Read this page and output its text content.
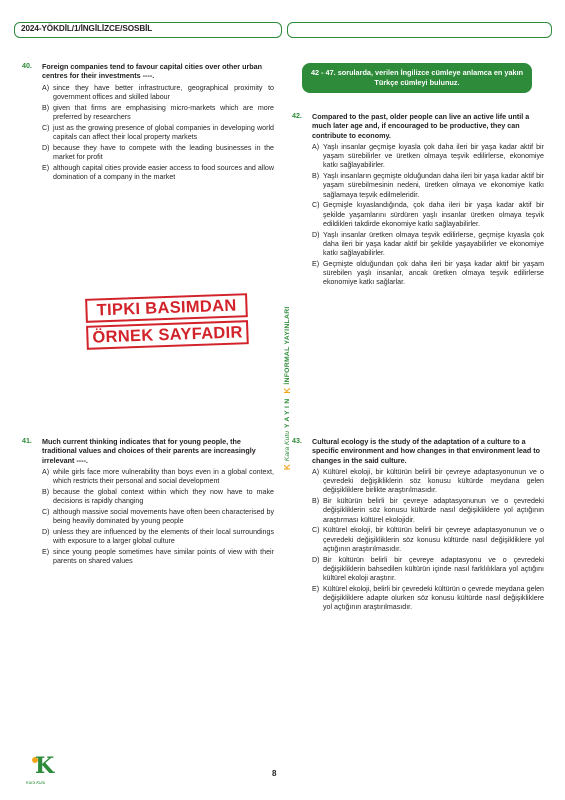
2024-YÖKDİL/1/İNGİLİZCE/SOSBİL
40. Foreign companies tend to favour capital cities over other urban centres for their investments ----.
A) since they have better infrastructure, geographical proximity to government offices and skilled labour
B) given that firms are emphasising micro-markets which are more preferred by researchers
C) just as the growing presence of global companies in developing world capitals can affect their local property markets
D) because they have to compete with the leading businesses in the market for profit
E) although capital cities provide easier access to food sources and allow domination of a company in the market
TIPKI BASIMDAN
ÖRNEK SAYFADIR
41. Much current thinking indicates that for young people, the traditional values and choices of their parents are increasingly irrelevant ----.
A) while girls face more vulnerability than boys even in a global context, which restricts their personal and social development
B) because the global context within which they now have to make decisions is rapidly changing
C) although massive social movements have often been characterised by being heavily dominated by young people
D) unless they are influenced by the elements of their local surroundings with exposure to a larger global culture
E) since young people sometimes have similar points of view with their parents on shared values
K
Kara Kutu
YAYIN
K
İNFORMAL YAYINLARI
42 - 47. sorularda, verilen İngilizce cümleye anlamca en yakın Türkçe cümleyi bulunuz.
42. Compared to the past, older people can live an active life until a much later age and, if encouraged to be productive, they can contribute to economy.
A) Yaşlı insanlar geçmişe kıyasla çok daha ileri bir yaşa kadar aktif bir yaşam sürebilirler ve üretken olmaya teşvik edilirlerse, ekonomiye katkı sağlayabilirler.
B) Yaşlı insanların geçmişte olduğundan daha ileri bir yaşa kadar aktif bir yaşam sürebilmesinin nedeni, üretken olmaya ve ekonomiye katkı sağlamaya teşvik edilmeleridir.
C) Geçmişle kıyaslandığında, çok daha ileri bir yaşa kadar aktif bir şekilde yaşamlarını sürdüren yaşlı insanlar üretken olmaya teşvik edildikleri takdirde ekonomiye katkı sağlayabilirler.
D) Yaşlı insanlar üretken olmaya teşvik edilirlerse, geçmişe kıyasla çok daha ileri bir yaşa kadar aktif bir şekilde yaşayabilirler ve ekonomiye katkı sağlayabilirler.
E) Geçmişte olduğundan çok daha ileri bir yaşa kadar aktif bir yaşam sürebilen yaşlı insanlar, ancak üretken olmaya teşvik edilirlerse ekonomiye katkı sağlarlar.
43. Cultural ecology is the study of the adaptation of a culture to a specific environment and how changes in that environment lead to changes in the said culture.
A) Kültürel ekoloji, bir kültürün belirli bir çevreye adaptasyonunun ve o çevredeki değişikliklerin söz konusu kültürde meydana gelen değişikliklere birlikte araştırılmasıdır.
B) Bir kültürün belirli bir çevreye adaptasyonunun ve o çevredeki değişikliklerin söz konusu kültürde nasıl değişikliklere yol açtığının araştırması kültürel ekolojidir.
C) Kültürel ekoloji, bir kültürün belirli bir çevreye adaptasyonunun ve o çevredeki değişikliklerin söz konusu kültürde nasıl değişikliklere yol açtığının araştırılmasıdır.
D) Bir kültürün belirli bir çevreye adaptasyonu ve o çevredeki değişikliklerin bahsedilen kültürün içinde nasıl farklılıklara yol açtığını kültürel ekoloji araştırır.
E) Kültürel ekoloji, belirli bir çevredeki kültürün o çevrede meydana gelen değişikliklere adapte olurken söz konusu kültürde nasıl değişikliklere yol açtığının araştırılmasıdır.
K
Kara Kutu
8
